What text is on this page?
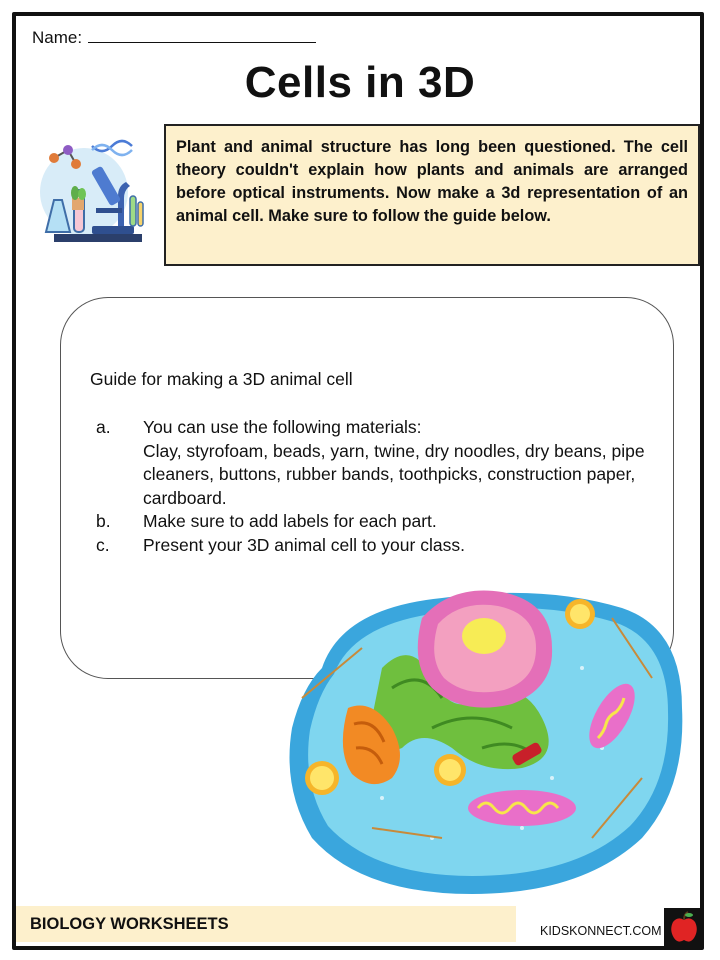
Name:
Cells in 3D
Plant and animal structure has long been questioned. The cell theory couldn't explain how plants and animals are arranged before optical instruments. Now make a 3d representation of an animal cell. Make sure to follow the guide below.
Guide for making a 3D animal cell
a.	You can use the following materials:
Clay, styrofoam, beads, yarn, twine, dry noodles, dry beans, pipe cleaners, buttons, rubber bands, toothpicks, construction paper, cardboard.
b.	Make sure to add labels for each part.
c.	Present your 3D animal cell to your class.
BIOLOGY WORKSHEETS	KIDSKONNECT.COM
